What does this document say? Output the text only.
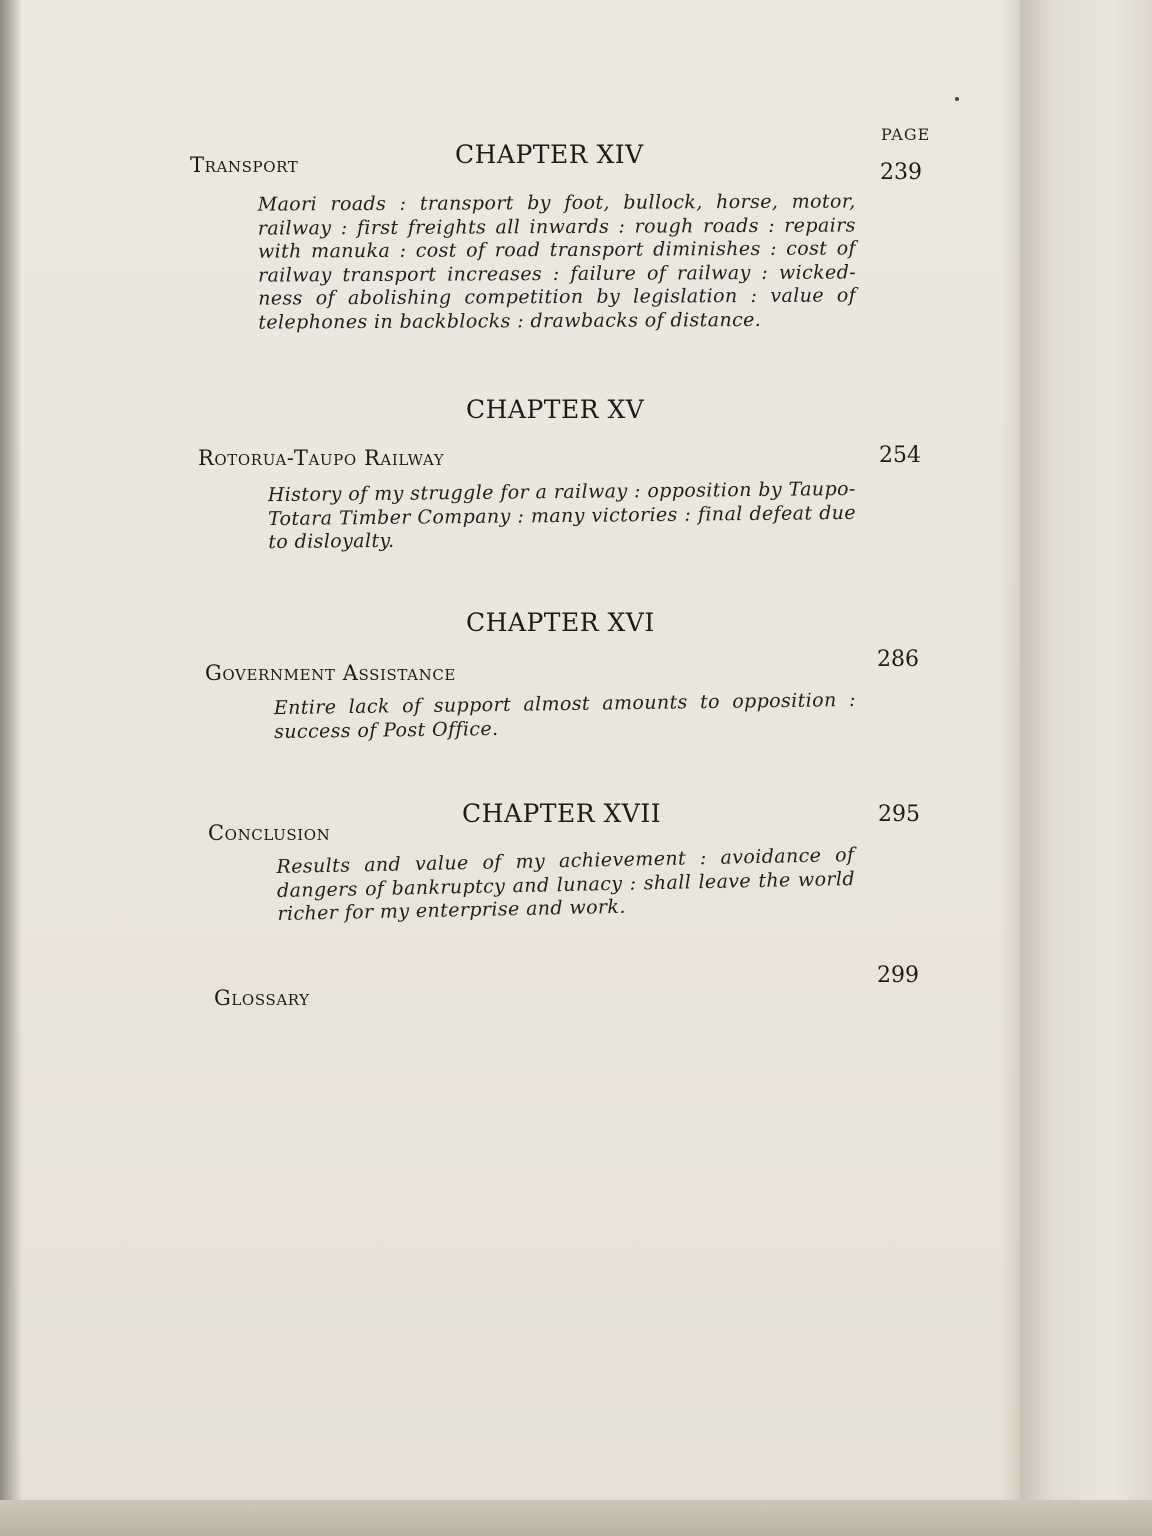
PAGE
CHAPTER XIV
Transport	239
Maori roads : transport by foot, bullock, horse, motor, railway : first freights all inwards : rough roads : repairs with manuka : cost of road transport diminishes : cost of railway transport increases : failure of railway : wicked- ness of abolishing competition by legislation : value of telephones in backblocks : drawbacks of distance.
CHAPTER XV
Rotorua-Taupo Railway	254
History of my struggle for a railway : opposition by Taupo-Totara Timber Company : many victories : final defeat due to disloyalty.
CHAPTER XVI
Government Assistance
286
Entire lack of support almost amounts to opposition : success of Post Office.
CHAPTER XVII
Conclusion
295
Results and value of my achievement : avoidance of dangers of bankruptcy and lunacy : shall leave the world richer for my enterprise and work.
Glossary
299
